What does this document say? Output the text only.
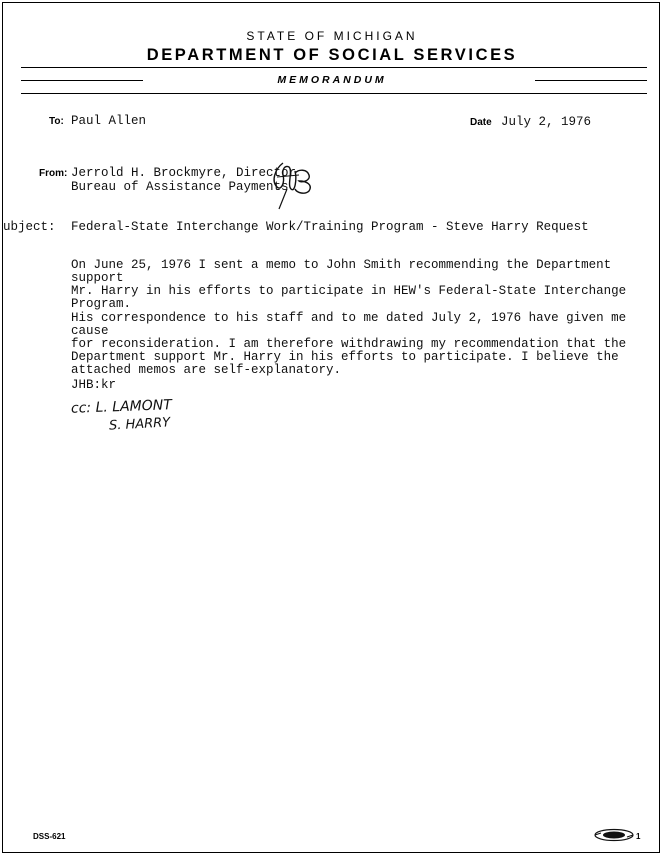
STATE OF MICHIGAN
DEPARTMENT OF SOCIAL SERVICES
MEMORANDUM
To: Paul Allen	Date July 2, 1976
From: Jerrold H. Brockmyre, Director
Bureau of Assistance Payments
ubject: Federal-State Interchange Work/Training Program - Steve Harry Request
On June 25, 1976 I sent a memo to John Smith recommending the Department support
Mr. Harry in his efforts to participate in HEW's Federal-State Interchange
Program.
His correspondence to his staff and to me dated July 2, 1976 have given me cause
for reconsideration. I am therefore withdrawing my recommendation that the
Department support Mr. Harry in his efforts to participate. I believe the
attached memos are self-explanatory.
JHB:kr
cc: L. LAMONT
S. HARRY
DSS-621	1
